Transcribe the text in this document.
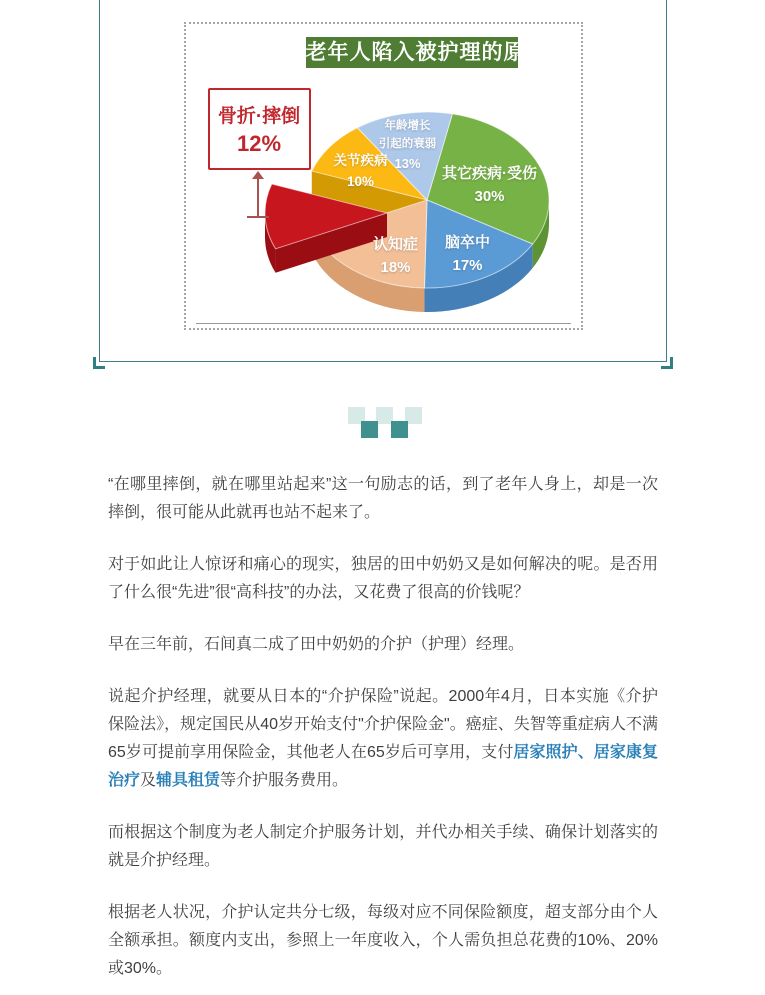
其它疾病·受伤
30%
脑卒中
17%
认知症
18%
关节疾病
10%
年龄增长
引起的衰弱
13%
老年人陷入被护理的原因
骨折·摔倒
12%

“在哪里摔倒，就在哪里站起来”这一句励志的话，到了老年人身上，却是一次摔倒，很可能从此就再也站不起来了。

对于如此让人惊讶和痛心的现实，独居的田中奶奶又是如何解决的呢。是否用了什么很“先进”很“高科技”的办法，又花费了很高的价钱呢？

早在三年前，石间真二成了田中奶奶的介护（护理）经理。

说起介护经理，就要从日本的“介护保险”说起。2000年4月，日本实施《介护保险法》，规定国民从40岁开始支付"介护保险金"。癌症、失智等重症病人不满65岁可提前享用保险金，其他老人在65岁后可享用，支付居家照护、居家康复治疗及辅具租赁等介护服务费用。

而根据这个制度为老人制定介护服务计划，并代办相关手续、确保计划落实的就是介护经理。

根据老人状况，介护认定共分七级，每级对应不同保险额度，超支部分由个人全额承担。额度内支出，参照上一年度收入，个人需负担总花费的10%、20%或30%。
